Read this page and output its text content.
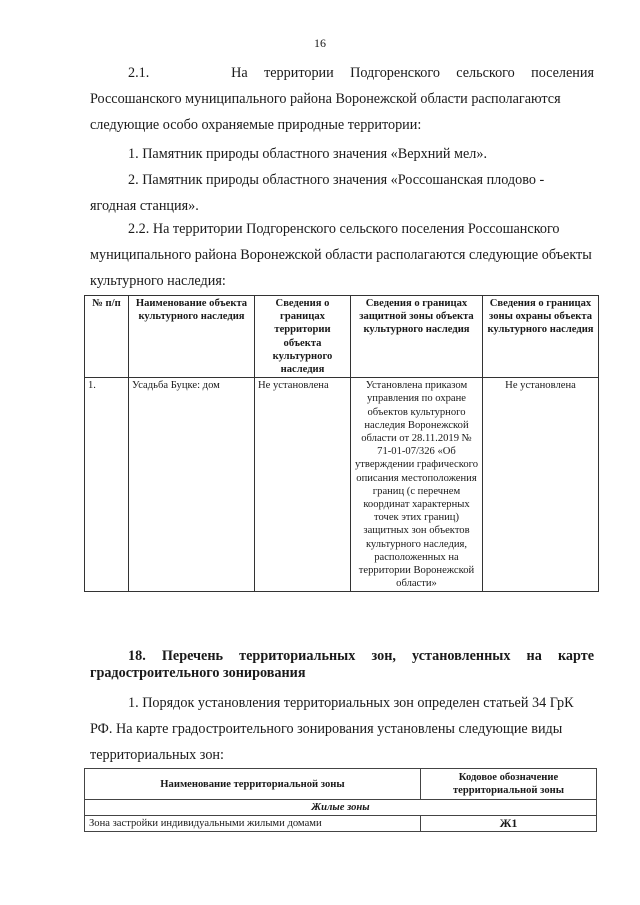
16

2.1.     На территории Подгоренского сельского поселения

Россошанского муниципального района Воронежской области располагаются следующие особо охраняемые природные территории:

1. Памятник природы областного значения «Верхний мел».

2. Памятник природы областного значения «Россошанская плодово - ягодная станция».

2.2. На территории Подгоренского сельского поселения Россошанского муниципального района Воронежской области располагаются следующие объекты культурного наследия:

№ п/п	Наименование объекта культурного наследия	Сведения о границах территории объекта культурного наследия	Сведения о границах защитной зоны объекта культурного наследия	Сведения о границах зоны охраны объекта культурного наследия
1.	Усадьба Буцке: дом	Не установлена	Установлена приказом управления по охране объектов культурного наследия Воронежской области от 28.11.2019 № 71-01-07/326 «Об утверждении графического описания местоположения границ (с перечнем координат характерных точек этих границ) защитных зон объектов культурного наследия, расположенных на территории Воронежской области»	Не установлена

18. Перечень территориальных зон, установленных на карте градостроительного зонирования

1. Порядок установления территориальных зон определен статьей 34 ГрК РФ. На карте градостроительного зонирования установлены следующие виды территориальных зон:

Наименование территориальной зоны	Кодовое обозначение территориальной зоны
Жилые зоны	
Зона застройки индивидуальными жилыми домами	Ж1
